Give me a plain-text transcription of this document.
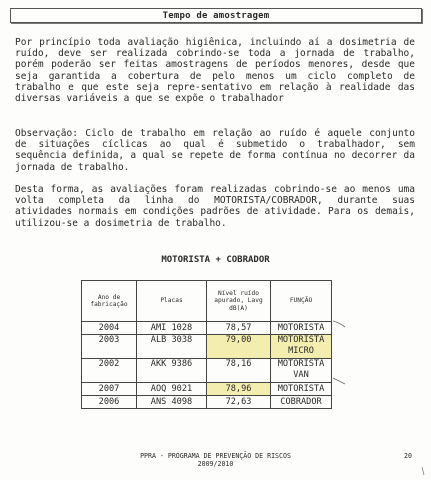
Tempo de amostragem

Por princípio toda avaliação higiênica, incluindo aí a dosimetria de ruído, deve ser realizada cobrindo-se toda a jornada de trabalho, porém poderão ser feitas amostragens de períodos menores, desde que seja garantida a cobertura de pelo menos um ciclo completo de trabalho e que este seja repre-sentativo em relação à realidade das diversas variáveis a que se expõe o trabalhador

Observação: Ciclo de trabalho em relação ao ruído é aquele conjunto de situações cíclicas ao qual é submetido o trabalhador, sem sequência definida, a qual se repete de forma contínua no decorrer da jornada de trabalho.

Desta forma, as avaliações foram realizadas cobrindo-se ao menos uma volta completa da linha do MOTORISTA/COBRADOR, durante suas atividades normais em condições padrões de atividade. Para os demais, utilizou-se a dosimetria de trabalho.

MOTORISTA + COBRADOR
Ano de fabricação	Placas	Nível ruído apurado, Lavg dB(A)	FUNÇÃO
2004	AMI 1028	78,57	MOTORISTA

2003	ALB 3038	79,00	MOTORISTA
MICRO

2002	AKK 9386	78,16	MOTORISTA
VAN

2007	AOQ 9021	78,96	MOTORISTA

2006	ANS 4098	72,63	COBRADOR
PPRA - PROGRAMA DE PREVENÇÃO DE RISCOS
2009/2010
20
